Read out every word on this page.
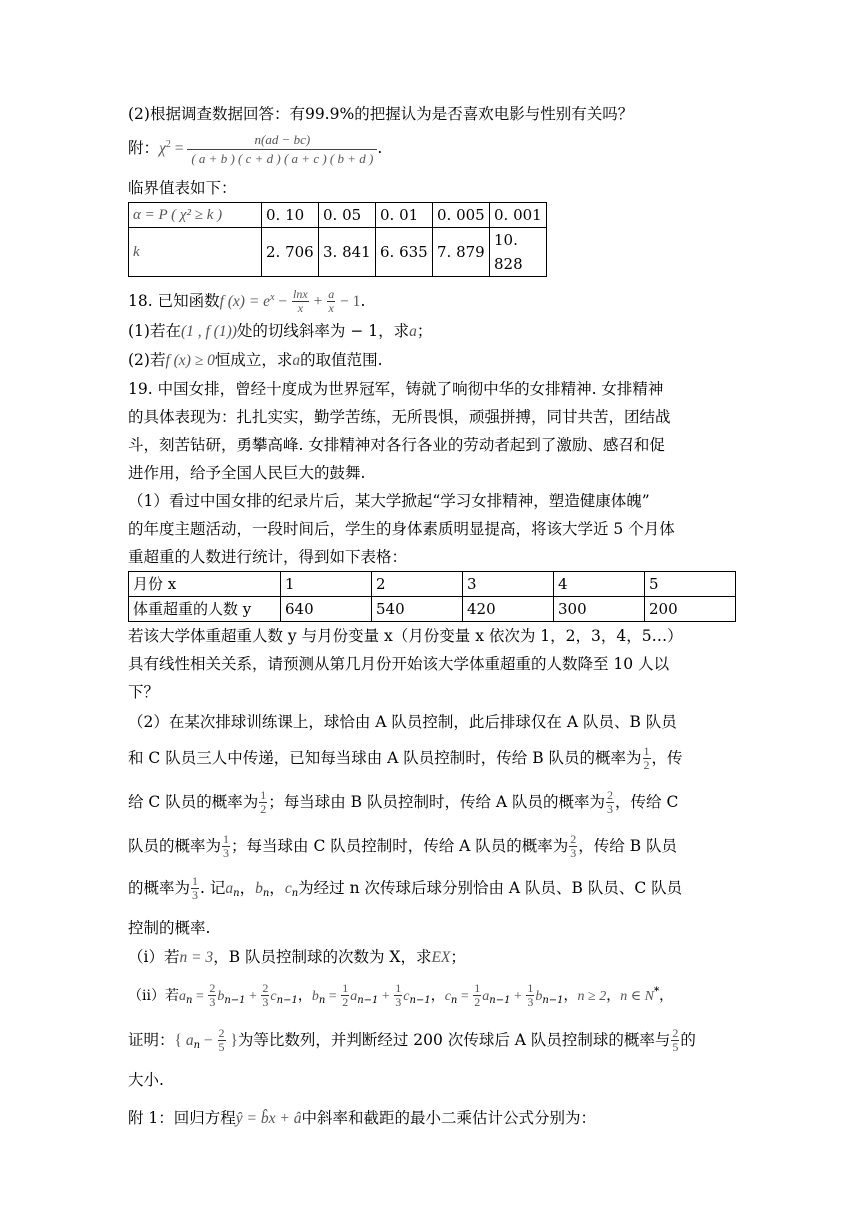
(2)根据调查数据回答：有99.9%的把握认为是否喜欢电影与性别有关吗？
附：$\chi^2 = \frac{n(ad - bc)}{( a + b ) ( c + d ) ( a + c ) ( b + d )}$ .
临界值表如下：
α = P ( χ² ≥ k )	0. 10	0. 05	0. 01	0. 005	0. 001
k	2. 706	3. 841	6. 635	7. 879	10. 828
18. 已知函数f $(x) = e^x - \frac{\ln x}{x} + \frac{a}{x} - 1$.
(1)若在(1 , f (1))处的切线斜率为 − 1，求a；
(2)若f (x) ≥ 0恒成立，求a的取值范围.
19. 中国女排，曾经十度成为世界冠军，铸就了响彻中华的女排精神. 女排精神
的具体表现为：扎扎实实，勤学苦练，无所畏惧，顽强拼搏，同甘共苦，团结战
斗，刻苦钻研，勇攀高峰. 女排精神对各行各业的劳动者起到了激励、感召和促
进作用，给予全国人民巨大的鼓舞.
（1）看过中国女排的纪录片后，某大学掀起“学习女排精神，塑造健康体魄”
的年度主题活动，一段时间后，学生的身体素质明显提高，将该大学近 5 个月体
重超重的人数进行统计，得到如下表格：
月份 x	1	2	3	4	5
体重超重的人数 y	640	540	420	300	200
若该大学体重超重人数 y 与月份变量 x（月份变量 x 依次为 1，2，3，4，5…）
具有线性相关关系，请预测从第几月份开始该大学体重超重的人数降至 10 人以
下？
（2）在某次排球训练课上，球恰由 A 队员控制，此后排球仅在 A 队员、B 队员
和 C 队员三人中传递，已知每当球由 A 队员控制时，传给 B 队员的概率为 $\frac{1}{2}$ ，传
给 C 队员的概率为 $\frac{1}{2}$ ；每当球由 B 队员控制时，传给 A 队员的概率为 $\frac{2}{3}$ ，传给 C
队员的概率为 $\frac{1}{3}$ ；每当球由 C 队员控制时，传给 A 队员的概率为 $\frac{2}{3}$ ，传给 B 队员
的概率为 $\frac{1}{3}$ . 记$a_n$，$b_n$，$c_n$为经过 n 次传球后球分别恰由 A 队员、B 队员、C 队员
控制的概率.
（i）若n = 3，B 队员控制球的次数为 X，求EX；
（ii）若$a_n = \frac{2}{3} b_{n-1} + \frac{2}{3} c_{n-1}$，$b_n = \frac{1}{2} a_{n-1} + \frac{1}{3} c_{n-1}$，$c_n = \frac{1}{2} a_{n-1} + \frac{1}{3} b_{n-1}$，n ≥ 2，n ∈ N*，
证明：{ $a_n - \frac{2}{5}$ }为等比数列，并判断经过 200 次传球后 A 队员控制球的概率与 $\frac{2}{5}$ 的
大小.
附 1：回归方程ŷ = b̂x + â中斜率和截距的最小二乘估计公式分别为：
